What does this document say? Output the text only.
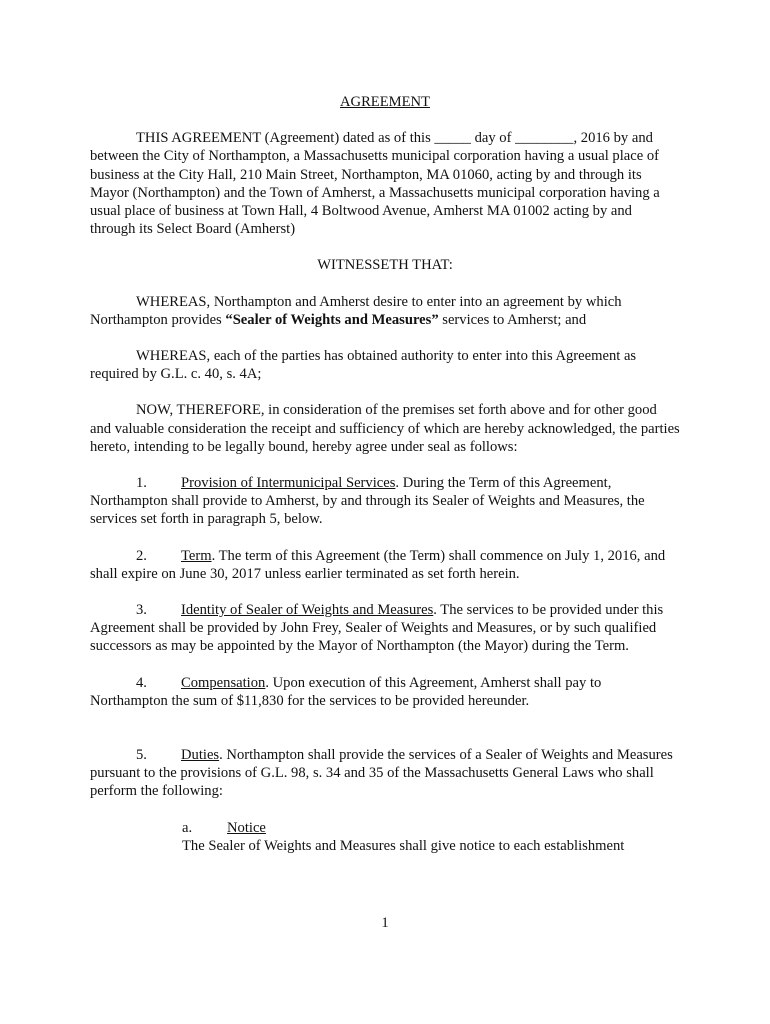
AGREEMENT

THIS AGREEMENT (Agreement) dated as of this _____ day of ________, 2016 by and between the City of Northampton, a Massachusetts municipal corporation having a usual place of business at the City Hall, 210 Main Street, Northampton, MA 01060, acting by and through its Mayor (Northampton) and the Town of Amherst, a Massachusetts municipal corporation having a usual place of business at Town Hall, 4 Boltwood Avenue, Amherst MA 01002 acting by and through its Select Board (Amherst)

WITNESSETH THAT:

WHEREAS, Northampton and Amherst desire to enter into an agreement by which Northampton provides “Sealer of Weights and Measures” services to Amherst; and

WHEREAS, each of the parties has obtained authority to enter into this Agreement as required by G.L. c. 40, s. 4A;

NOW, THEREFORE, in consideration of the premises set forth above and for other good and valuable consideration the receipt and sufficiency of which are hereby acknowledged, the parties hereto, intending to be legally bound, hereby agree under seal as follows:

1. Provision of Intermunicipal Services. During the Term of this Agreement, Northampton shall provide to Amherst, by and through its Sealer of Weights and Measures, the services set forth in paragraph 5, below.

2. Term. The term of this Agreement (the Term) shall commence on July 1, 2016, and shall expire on June 30, 2017 unless earlier terminated as set forth herein.

3. Identity of Sealer of Weights and Measures. The services to be provided under this Agreement shall be provided by John Frey, Sealer of Weights and Measures, or by such qualified successors as may be appointed by the Mayor of Northampton (the Mayor) during the Term.

4. Compensation. Upon execution of this Agreement, Amherst shall pay to Northampton the sum of $11,830 for the services to be provided hereunder.

5. Duties. Northampton shall provide the services of a Sealer of Weights and Measures pursuant to the provisions of G.L. 98, s. 34 and 35 of the Massachusetts General Laws who shall perform the following:

a. Notice
The Sealer of Weights and Measures shall give notice to each establishment
1
